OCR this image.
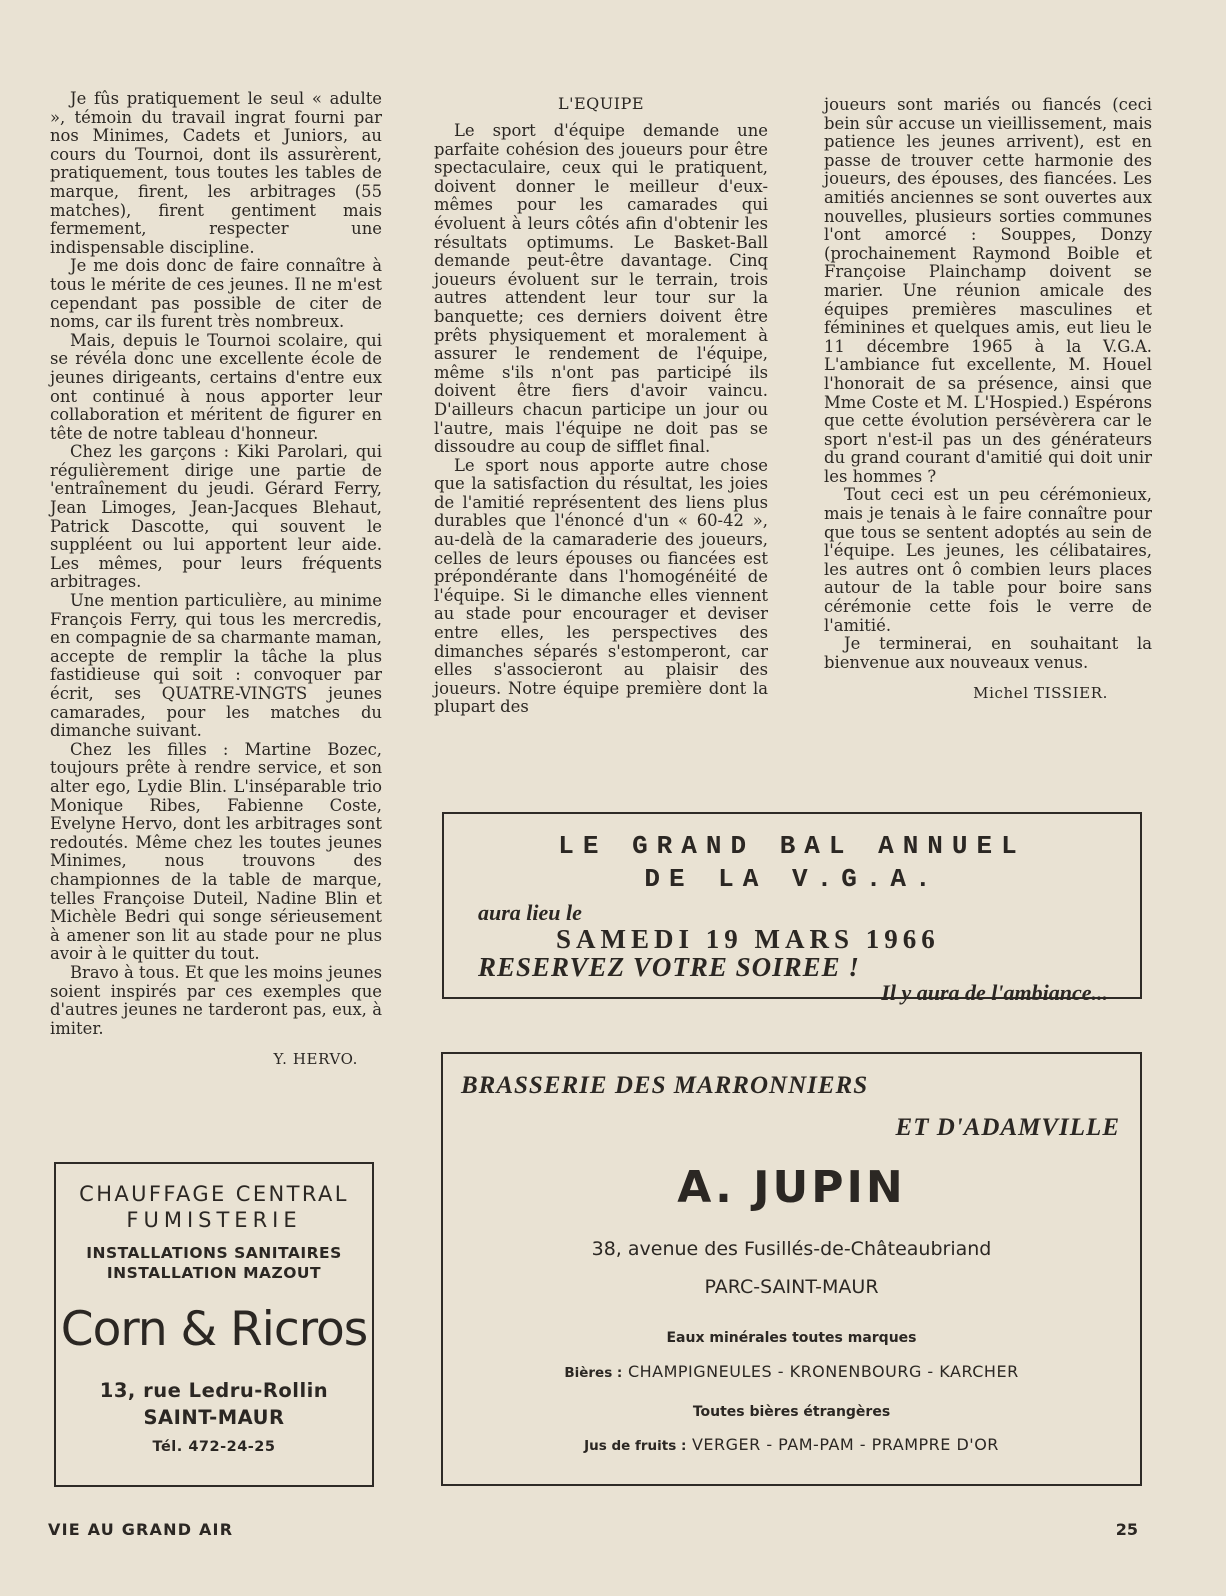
Je fûs pratiquement le seul « adulte », témoin du travail ingrat fourni par nos Minimes, Cadets et Juniors, au cours du Tournoi, dont ils assurèrent, pratiquement, tous toutes les tables de marque, firent, les arbitrages (55 matches), firent gentiment mais fermement, respecter une indispensable discipline.

Je me dois donc de faire connaître à tous le mérite de ces jeunes. Il ne m'est cependant pas possible de citer de noms, car ils furent très nombreux.

Mais, depuis le Tournoi scolaire, qui se révéla donc une excellente école de jeunes dirigeants, certains d'entre eux ont continué à nous apporter leur collaboration et méritent de figurer en tête de notre tableau d'honneur.

Chez les garçons : Kiki Parolari, qui régulièrement dirige une partie de 'entraînement du jeudi. Gérard Ferry, Jean Limoges, Jean-Jacques Blehaut, Patrick Dascotte, qui souvent le suppléent ou lui apportent leur aide. Les mêmes, pour leurs fréquents arbitrages.

Une mention particulière, au minime François Ferry, qui tous les mercredis, en compagnie de sa charmante maman, accepte de remplir la tâche la plus fastidieuse qui soit : convoquer par écrit, ses QUATRE-VINGTS jeunes camarades, pour les matches du dimanche suivant.

Chez les filles : Martine Bozec, toujours prête à rendre service, et son alter ego, Lydie Blin. L'inséparable trio Monique Ribes, Fabienne Coste, Evelyne Hervo, dont les arbitrages sont redoutés. Même chez les toutes jeunes Minimes, nous trouvons des championnes de la table de marque, telles Françoise Duteil, Nadine Blin et Michèle Bedri qui songe sérieusement à amener son lit au stade pour ne plus avoir à le quitter du tout.

Bravo à tous. Et que les moins jeunes soient inspirés par ces exemples que d'autres jeunes ne tarderont pas, eux, à imiter.

Y. HERVO.

L'EQUIPE

Le sport d'équipe demande une parfaite cohésion des joueurs pour être spectaculaire, ceux qui le pratiquent, doivent donner le meilleur d'eux-mêmes pour les camarades qui évoluent à leurs côtés afin d'obtenir les résultats optimums. Le Basket-Ball demande peut-être davantage. Cinq joueurs évoluent sur le terrain, trois autres attendent leur tour sur la banquette; ces derniers doivent être prêts physiquement et moralement à assurer le rendement de l'équipe, même s'ils n'ont pas participé ils doivent être fiers d'avoir vaincu. D'ailleurs chacun participe un jour ou l'autre, mais l'équipe ne doit pas se dissoudre au coup de sifflet final.

Le sport nous apporte autre chose que la satisfaction du résultat, les joies de l'amitié représentent des liens plus durables que l'énoncé d'un « 60-42 », au-delà de la camaraderie des joueurs, celles de leurs épouses ou fiancées est prépondérante dans l'homogénéité de l'équipe. Si le dimanche elles viennent au stade pour encourager et deviser entre elles, les perspectives des dimanches séparés s'estomperont, car elles s'associeront au plaisir des joueurs. Notre équipe première dont la plupart des

joueurs sont mariés ou fiancés (ceci bein sûr accuse un vieillissement, mais patience les jeunes arrivent), est en passe de trouver cette harmonie des joueurs, des épouses, des fiancées. Les amitiés anciennes se sont ouvertes aux nouvelles, plusieurs sorties communes l'ont amorcé : Souppes, Donzy (prochainement Raymond Boible et Françoise Plainchamp doivent se marier. Une réunion amicale des équipes premières masculines et féminines et quelques amis, eut lieu le 11 décembre 1965 à la V.G.A. L'ambiance fut excellente, M. Houel l'honorait de sa présence, ainsi que Mme Coste et M. L'Hospied.) Espérons que cette évolution persévèrera car le sport n'est-il pas un des générateurs du grand courant d'amitié qui doit unir les hommes ?

Tout ceci est un peu cérémonieux, mais je tenais à le faire connaître pour que tous se sentent adoptés au sein de l'équipe. Les jeunes, les célibataires, les autres ont ô combien leurs places autour de la table pour boire sans cérémonie cette fois le verre de l'amitié.

Je terminerai, en souhaitant la bienvenue aux nouveaux venus.

Michel TISSIER.

LE GRAND BAL ANNUEL
DE LA V.G.A.
aura lieu le
SAMEDI 19 MARS 1966
RESERVEZ VOTRE SOIREE !
Il y aura de l'ambiance...
CHAUFFAGE CENTRAL
FUMISTERIE
INSTALLATIONS SANITAIRES
INSTALLATION MAZOUT
Corn & Ricros
13, rue Ledru-Rollin
SAINT-MAUR
Tél. 472-24-25
BRASSERIE DES MARRONNIERS
ET D'ADAMVILLE
A. JUPIN
38, avenue des Fusillés-de-Châteaubriand
PARC-SAINT-MAUR
Eaux minérales toutes marques
Bières : CHAMPIGNEULES - KRONENBOURG - KARCHER
Toutes bières étrangères
Jus de fruits : VERGER - PAM-PAM - PRAMPRE D'OR
VIE AU GRAND AIR	25
